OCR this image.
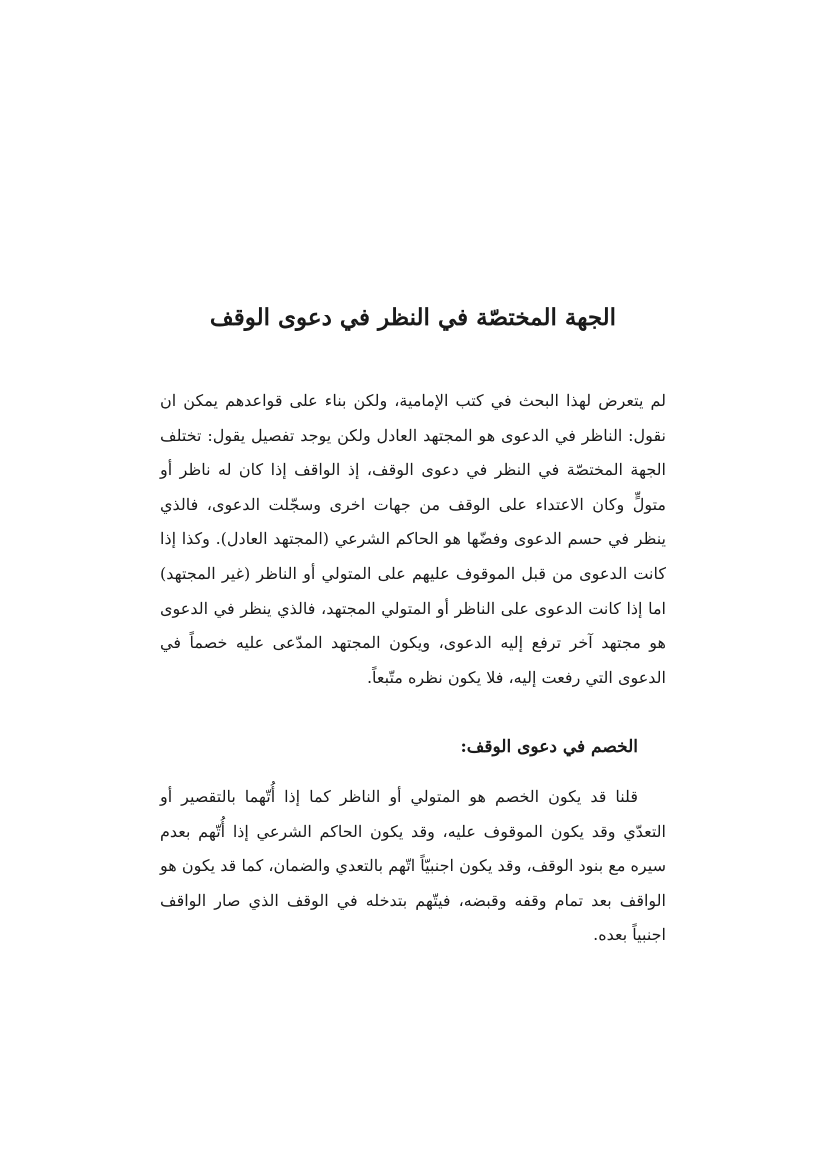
الجهة المختصّة في النظر في دعوى الوقف

لم يتعرض لهذا البحث في كتب الإمامية، ولكن بناء على قواعدهم يمكن ان نقول: الناظر في الدعوى هو المجتهد العادل ولكن يوجد تفصيل يقول: تختلف الجهة المختصّة في النظر في دعوى الوقف، إذ الواقف إذا كان له ناظر أو متولٍّ وكان الاعتداء على الوقف من جهات اخرى وسجّلت الدعوى، فالذي ينظر في حسم الدعوى وفضّها هو الحاكم الشرعي (المجتهد العادل). وكذا إذا كانت الدعوى من قبل الموقوف عليهم على المتولي أو الناظر (غير المجتهد) اما إذا كانت الدعوى على الناظر أو المتولي المجتهد، فالذي ينظر في الدعوى هو مجتهد آخر ترفع إليه الدعوى، ويكون المجتهد المدّعى عليه خصماً في الدعوى التي رفعت إليه، فلا يكون نظره متّبعاً.

الخصم في دعوى الوقف:

قلنا قد يكون الخصم هو المتولي أو الناظر كما إذا أُتّهما بالتقصير أو التعدّي وقد يكون الموقوف عليه، وقد يكون الحاكم الشرعي إذا أُتّهم بعدم سيره مع بنود الوقف، وقد يكون اجنبيّاً اتّهم بالتعدي والضمان، كما قد يكون هو الواقف بعد تمام وقفه وقبضه، فيتّهم بتدخله في الوقف الذي صار الواقف اجنبياً بعده.
